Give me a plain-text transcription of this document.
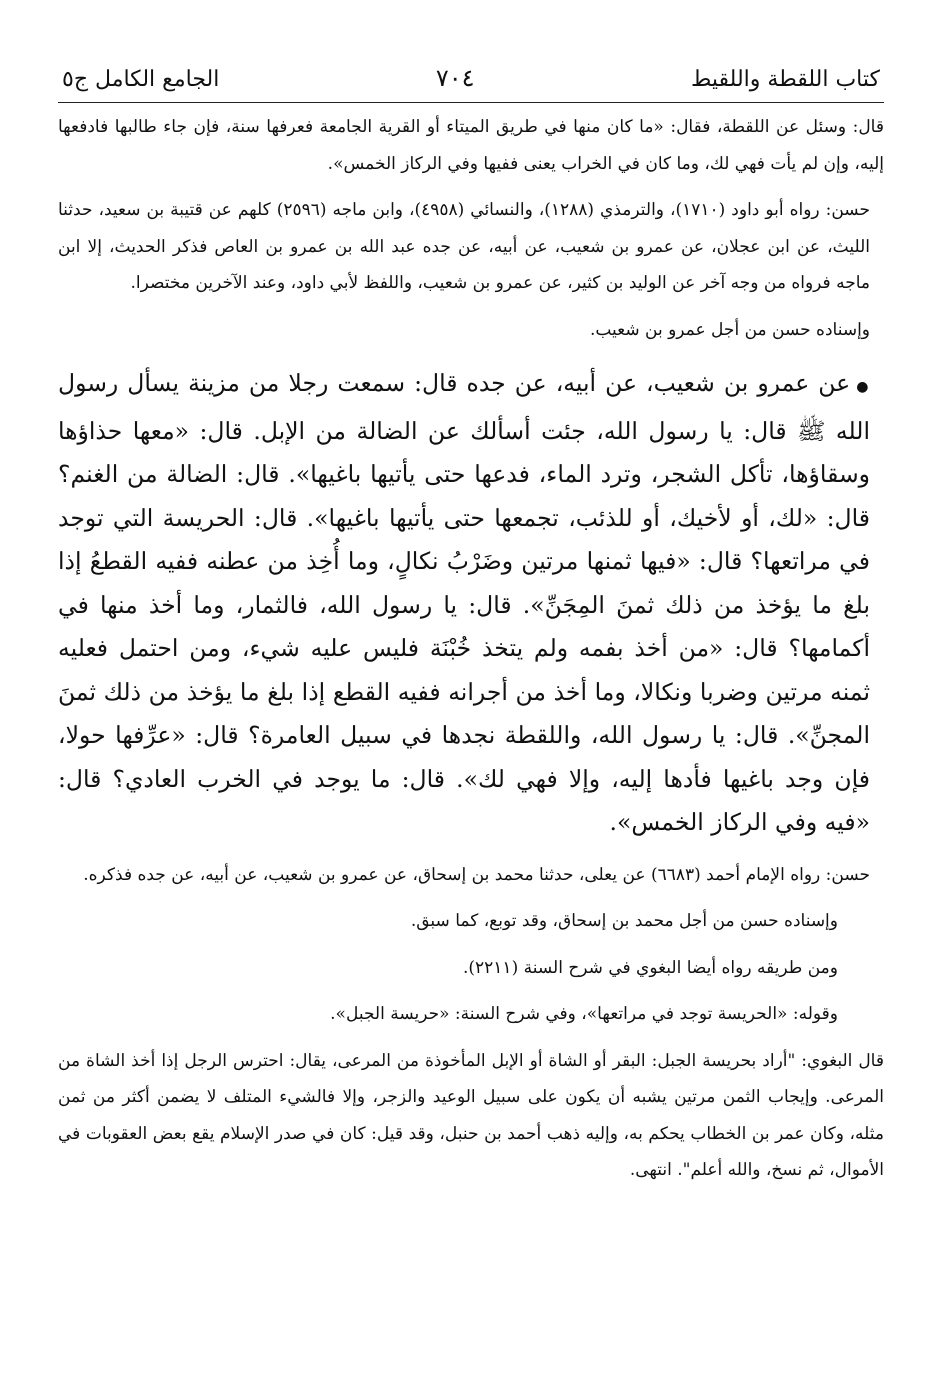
كتاب اللقطة واللقيط
٧٠٤
الجامع الكامل ج٥

قال: وسئل عن اللقطة، فقال: «ما كان منها في طريق الميتاء أو القرية الجامعة فعرفها سنة، فإن جاء طالبها فادفعها إليه، وإن لم يأت فهي لك، وما كان في الخراب يعنى ففيها وفي الركاز الخمس».

حسن: رواه أبو داود (١٧١٠)، والترمذي (١٢٨٨)، والنسائي (٤٩٥٨)، وابن ماجه (٢٥٩٦) كلهم عن قتيبة بن سعيد، حدثنا الليث، عن ابن عجلان، عن عمرو بن شعيب، عن أبيه، عن جده عبد الله بن عمرو بن العاص فذكر الحديث، إلا ابن ماجه فرواه من وجه آخر عن الوليد بن كثير، عن عمرو بن شعيب، واللفظ لأبي داود، وعند الآخرين مختصرا.

وإسناده حسن من أجل عمرو بن شعيب.

●عن عمرو بن شعيب، عن أبيه، عن جده قال: سمعت رجلا من مزينة يسأل رسول الله ﷺ قال: يا رسول الله، جئت أسألك عن الضالة من الإبل. قال: «معها حذاؤها وسقاؤها، تأكل الشجر، وترد الماء، فدعها حتى يأتيها باغيها». قال: الضالة من الغنم؟ قال: «لك، أو لأخيك، أو للذئب، تجمعها حتى يأتيها باغيها». قال: الحريسة التي توجد في مراتعها؟ قال: «فيها ثمنها مرتين وضَرْبُ نكالٍ، وما أُخِذ من عطنه ففيه القطعُ إذا بلغ ما يؤخذ من ذلك ثمنَ المِجَنِّ». قال: يا رسول الله، فالثمار، وما أخذ منها في أكمامها؟ قال: «من أخذ بفمه ولم يتخذ خُبْنَة فليس عليه شيء، ومن احتمل فعليه ثمنه مرتين وضربا ونكالا، وما أخذ من أجرانه ففيه القطع إذا بلغ ما يؤخذ من ذلك ثمنَ المجنِّ». قال: يا رسول الله، واللقطة نجدها في سبيل العامرة؟ قال: «عرِّفها حولا، فإن وجد باغيها فأدها إليه، وإلا فهي لك». قال: ما يوجد في الخرب العادي؟ قال: «فيه وفي الركاز الخمس».

حسن: رواه الإمام أحمد (٦٦٨٣) عن يعلى، حدثنا محمد بن إسحاق، عن عمرو بن شعيب، عن أبيه، عن جده فذكره.

وإسناده حسن من أجل محمد بن إسحاق، وقد توبع، كما سبق.

ومن طريقه رواه أيضا البغوي في شرح السنة (٢٢١١).

وقوله: «الحريسة توجد في مراتعها»، وفي شرح السنة: «حريسة الجبل».

قال البغوي: "أراد بحريسة الجبل: البقر أو الشاة أو الإبل المأخوذة من المرعى، يقال: احترس الرجل إذا أخذ الشاة من المرعى. وإيجاب الثمن مرتين يشبه أن يكون على سبيل الوعيد والزجر، وإلا فالشيء المتلف لا يضمن أكثر من ثمن مثله، وكان عمر بن الخطاب يحكم به، وإليه ذهب أحمد بن حنبل، وقد قيل: كان في صدر الإسلام يقع بعض العقوبات في الأموال، ثم نسخ، والله أعلم". انتهى.
